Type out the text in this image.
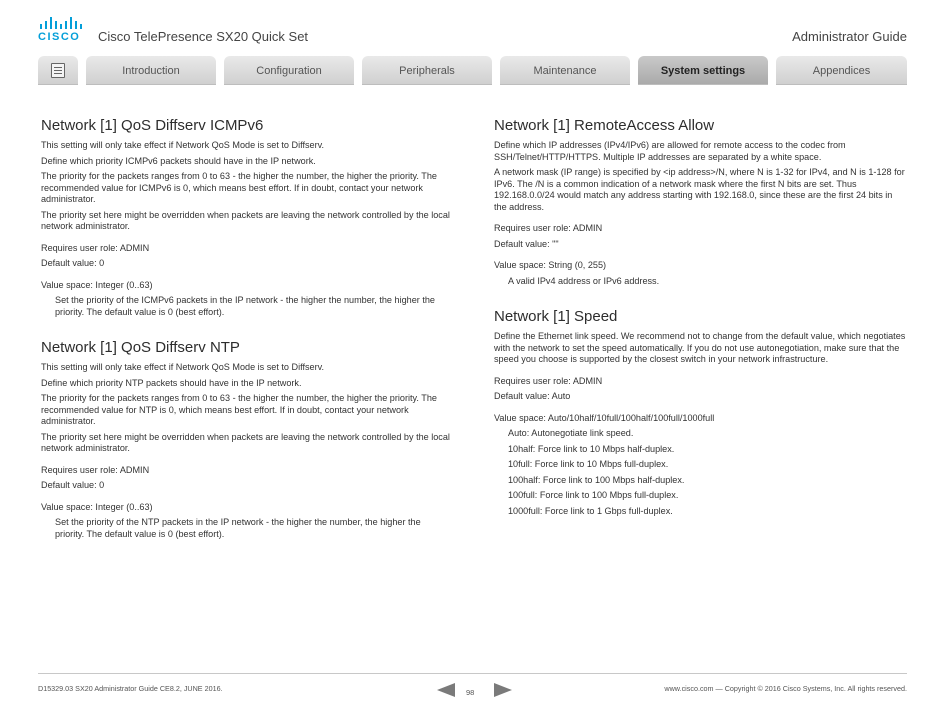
CISCO Cisco TelePresence SX20 Quick Set	Administrator Guide
Introduction	Configuration	Peripherals	Maintenance	System settings	Appendices
Network [1] QoS Diffserv ICMPv6

This setting will only take effect if Network QoS Mode is set to Diffserv.

Define which priority ICMPv6 packets should have in the IP network.

The priority for the packets ranges from 0 to 63 - the higher the number, the higher the priority. The recommended value for ICMPv6 is 0, which means best effort. If in doubt, contact your network administrator.

The priority set here might be overridden when packets are leaving the network controlled by the local network administrator.

Requires user role: ADMIN

Default value: 0

Value space: Integer (0..63)

Set the priority of the ICMPv6 packets in the IP network - the higher the number, the higher the priority. The default value is 0 (best effort).

Network [1] QoS Diffserv NTP

This setting will only take effect if Network QoS Mode is set to Diffserv.

Define which priority NTP packets should have in the IP network.

The priority for the packets ranges from 0 to 63 - the higher the number, the higher the priority. The recommended value for NTP is 0, which means best effort. If in doubt, contact your network administrator.

The priority set here might be overridden when packets are leaving the network controlled by the local network administrator.

Requires user role: ADMIN

Default value: 0

Value space: Integer (0..63)

Set the priority of the NTP packets in the IP network - the higher the number, the higher the priority. The default value is 0 (best effort).

Network [1] RemoteAccess Allow

Define which IP addresses (IPv4/IPv6) are allowed for remote access to the codec from SSH/Telnet/HTTP/HTTPS. Multiple IP addresses are separated by a white space.

A network mask (IP range) is specified by <ip address>/N, where N is 1-32 for IPv4, and N is 1-128 for IPv6. The /N is a common indication of a network mask where the first N bits are set. Thus 192.168.0.0/24 would match any address starting with 192.168.0, since these are the first 24 bits in the address.

Requires user role: ADMIN

Default value: ""

Value space: String (0, 255)

A valid IPv4 address or IPv6 address.

Network [1] Speed

Define the Ethernet link speed. We recommend not to change from the default value, which negotiates with the network to set the speed automatically. If you do not use autonegotiation, make sure that the speed you choose is supported by the closest switch in your network infrastructure.

Requires user role: ADMIN

Default value: Auto

Value space: Auto/10half/10full/100half/100full/1000full

Auto: Autonegotiate link speed.

10half: Force link to 10 Mbps half-duplex.

10full: Force link to 10 Mbps full-duplex.

100half: Force link to 100 Mbps half-duplex.

100full: Force link to 100 Mbps full-duplex.

1000full: Force link to 1 Gbps full-duplex.

D15329.03 SX20 Administrator Guide CE8.2, JUNE 2016.	98	www.cisco.com — Copyright © 2016 Cisco Systems, Inc. All rights reserved.
